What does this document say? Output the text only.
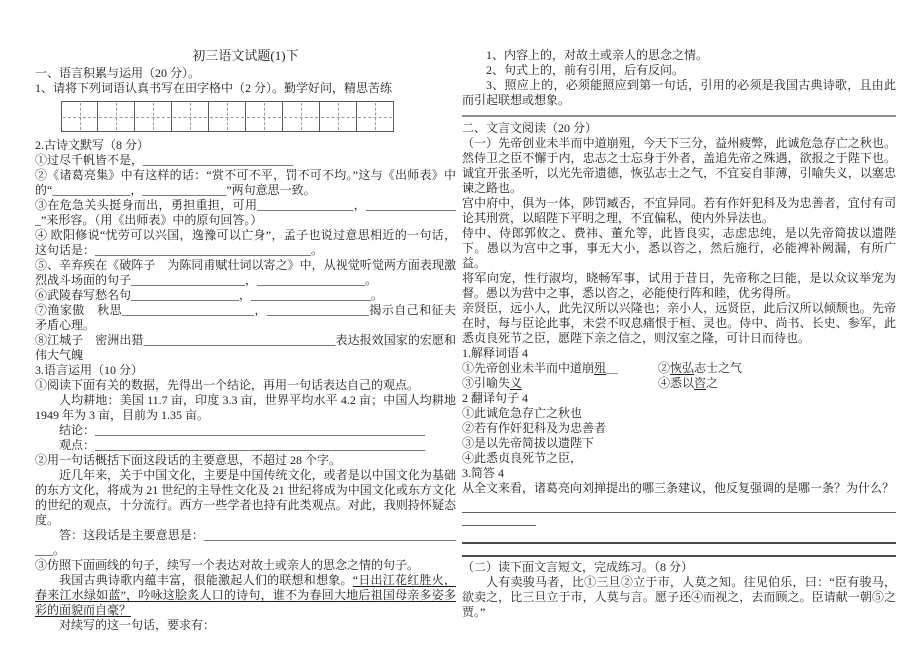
初三语文试题(1)下
一、语言积累与运用（20 分）。
1、请将下列词语认真书写在田字格中（2 分）。勤学好问，精思苦练
2.古诗文默写（8 分）
①过尽千帆皆不是，_________________________
②《诸葛亮集》中有这样的话：“赏不可不平，罚不可不均。”这与《出师表》中的“_____________，______________”两句意思一致。
③在危急关头挺身而出，勇担重担，可用________________，________________”来形容。（用《出师表》中的原句回答。）
④ 欧阳修说“忧劳可以兴国，逸豫可以亡身”，孟子也说过意思相近的一句话，这句话是：____________________________________。
⑤、辛弃疾在《破阵子　为陈同甫赋壮词以寄之》中，从视觉听觉两方面表现激烈战斗场面的句子___________________，__________________。
⑥武陵春写愁名句__________________，____________________。
⑦渔家傲　秋思______________________，_________________揭示自己和征夫矛盾心理。
⑧江城子　密洲出猎________________________________表达报效国家的宏愿和伟大气魄
3.语言运用（10 分）
①阅读下面有关的数据，先得出一个结论，再用一句话表达自己的观点。
人均耕地：美国 11.7 亩，印度 3.3 亩，世界平均水平 4.2 亩；中国人均耕地 1949 年为 3 亩，目前为 1.35 亩。
结论：_______________________________________________________
观点：_______________________________________________________
②用一句话概括下面这段话的主要意思，不超过 28 个字。
近几年来，关于中国文化，主要是中国传统文化，或者是以中国文化为基础的东方文化，将成为 21 世纪的主导性文化及 21 世纪将成为中国文化或东方文化的世纪的观点，十分流行。西方一些学者也持有此类观点。对此，我则持怀疑态度。
答：这段话是主要意思是：_____________________________________________。
③仿照下面画线的句子，续写一个表达对故土或亲人的思念之情的句子。
我国古典诗歌内蕴丰富，很能激起人们的联想和想象。“日出江花红胜火，春来江水绿如蓝”，吟咏这脍炙人口的诗句，谁不为春回大地后祖国母亲多姿多彩的面貌而自豪？
对续写的这一句话，要求有：
1、内容上的，对故土或亲人的思念之情。
2、句式上的，前有引用，后有反问。
3、照应上的，必须能照应到第一句话，引用的必须是我国古典诗歌，且由此而引起联想或想象。
二、文言文阅读（20 分）
（一）先帝创业未半而中道崩殂，今天下三分，益州疲弊，此诚危急存亡之秋也。然侍卫之臣不懈于内，忠志之士忘身于外者，盖追先帝之殊遇，欲报之于陛下也。诚宜开张圣听，以光先帝遗德，恢弘志士之气，不宜妄自菲薄，引喻失义，以塞忠谏之路也。
宫中府中，俱为一体，陟罚臧否，不宜异同。若有作奸犯科及为忠善者，宜付有司论其刑赏，以昭陛下平明之理，不宜偏私，使内外异法也。
侍中、侍郎郭攸之、费祎、董允等，此皆良实，志虑忠纯，是以先帝简拔以遗陛下。愚以为宫中之事，事无大小，悉以咨之，然后施行，必能裨补阙漏，有所广益。
将军向宠，性行淑均，晓畅军事，试用于昔日，先帝称之曰能，是以众议举宠为督。愚以为营中之事，悉以咨之，必能使行阵和睦，优劣得所。
亲贤臣，远小人，此先汉所以兴隆也；亲小人，远贤臣，此后汉所以倾颓也。先帝在时，每与臣论此事，未尝不叹息痛恨于桓、灵也。侍中、尚书、长史、参军，此悉贞良死节之臣，愿陛下亲之信之，则汉室之隆，可计日而待也。
1.解释词语 4
①先帝创业未半而中道崩殂＿	②恢弘志士之气
③引喻失义	④悉以咨之
2 翻译句子 4
①此诚危急存亡之秋也
②若有作奸犯科及为忠善者
③是以先帝简拔以遗陛下
④此悉贞良死节之臣，
3.简答 4
从全文来看，诸葛亮向刘掸提出的哪三条建议，他反复强调的是哪一条？为什么？
（二）读下面文言短文，完成练习。（8 分）
人有卖骏马者，比①三旦②立于市，人莫之知。往见伯乐，曰：“臣有骏马，欲卖之，比三旦立于市，人莫与言。愿子还④而视之，去而顾之。臣请献一朝⑤之贾。”
